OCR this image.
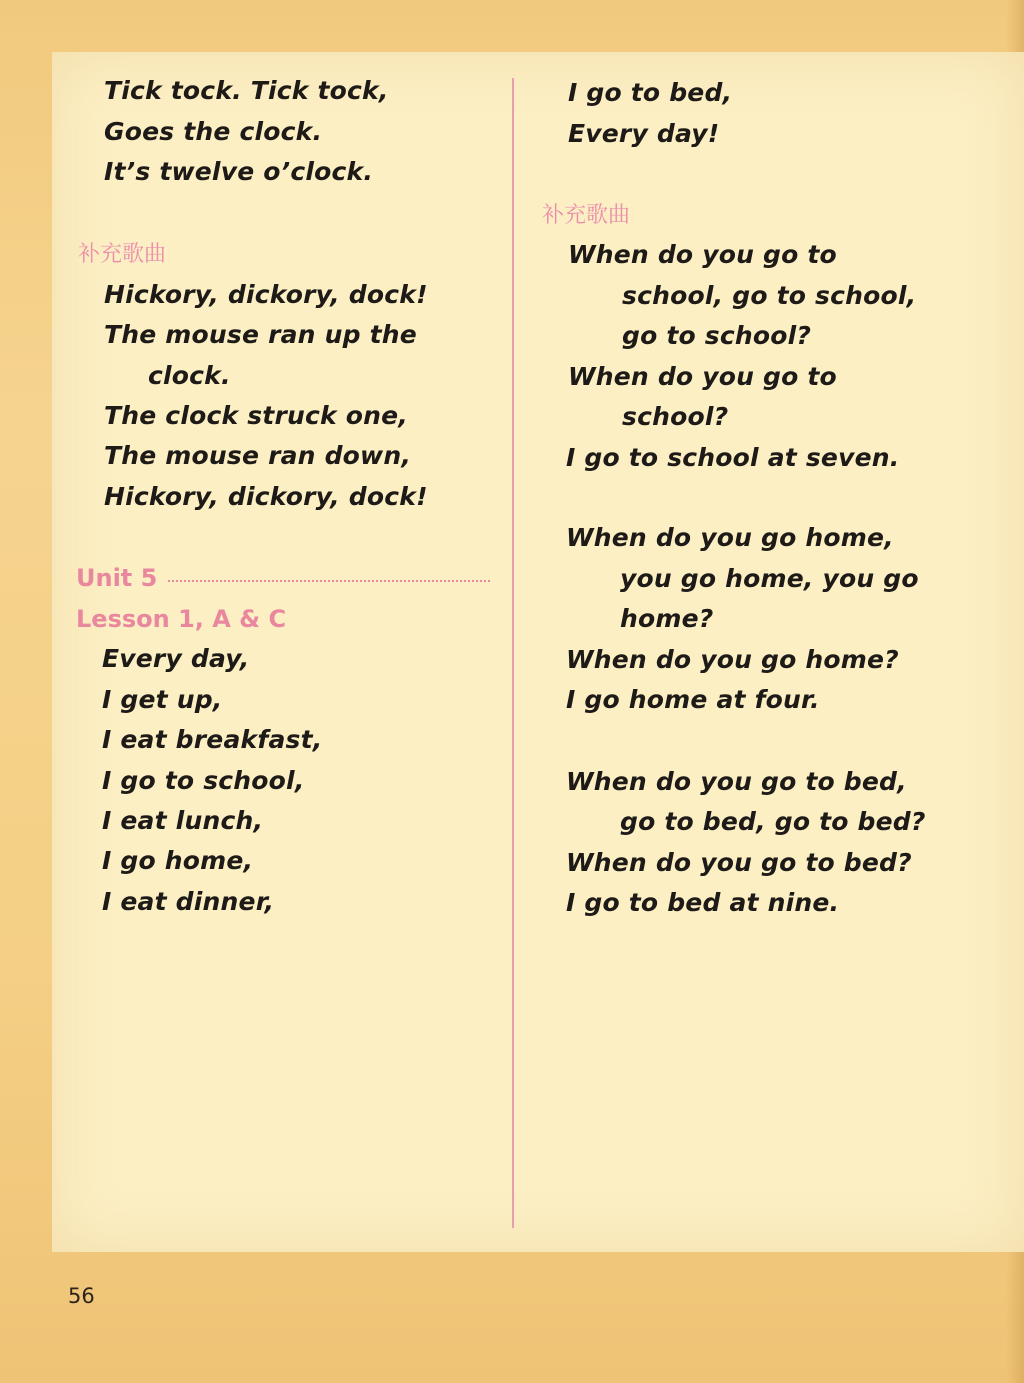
Tick tock. Tick tock,
Goes the clock.
It’s twelve o’clock.
补充歌曲
Hickory, dickory, dock!
The mouse ran up the
clock.
The clock struck one,
The mouse ran down,
Hickory, dickory, dock!
Unit 5
Lesson 1, A & C
Every day,
I get up,
I eat breakfast,
I go to school,
I eat lunch,
I go home,
I eat dinner,
I go to bed,
Every day!
补充歌曲
When do you go to
school, go to school,
go to school?
When do you go to
school?
I go to school at seven.
When do you go home,
you go home, you go
home?
When do you go home?
I go home at four.
When do you go to bed,
go to bed, go to bed?
When do you go to bed?
I go to bed at nine.
56
